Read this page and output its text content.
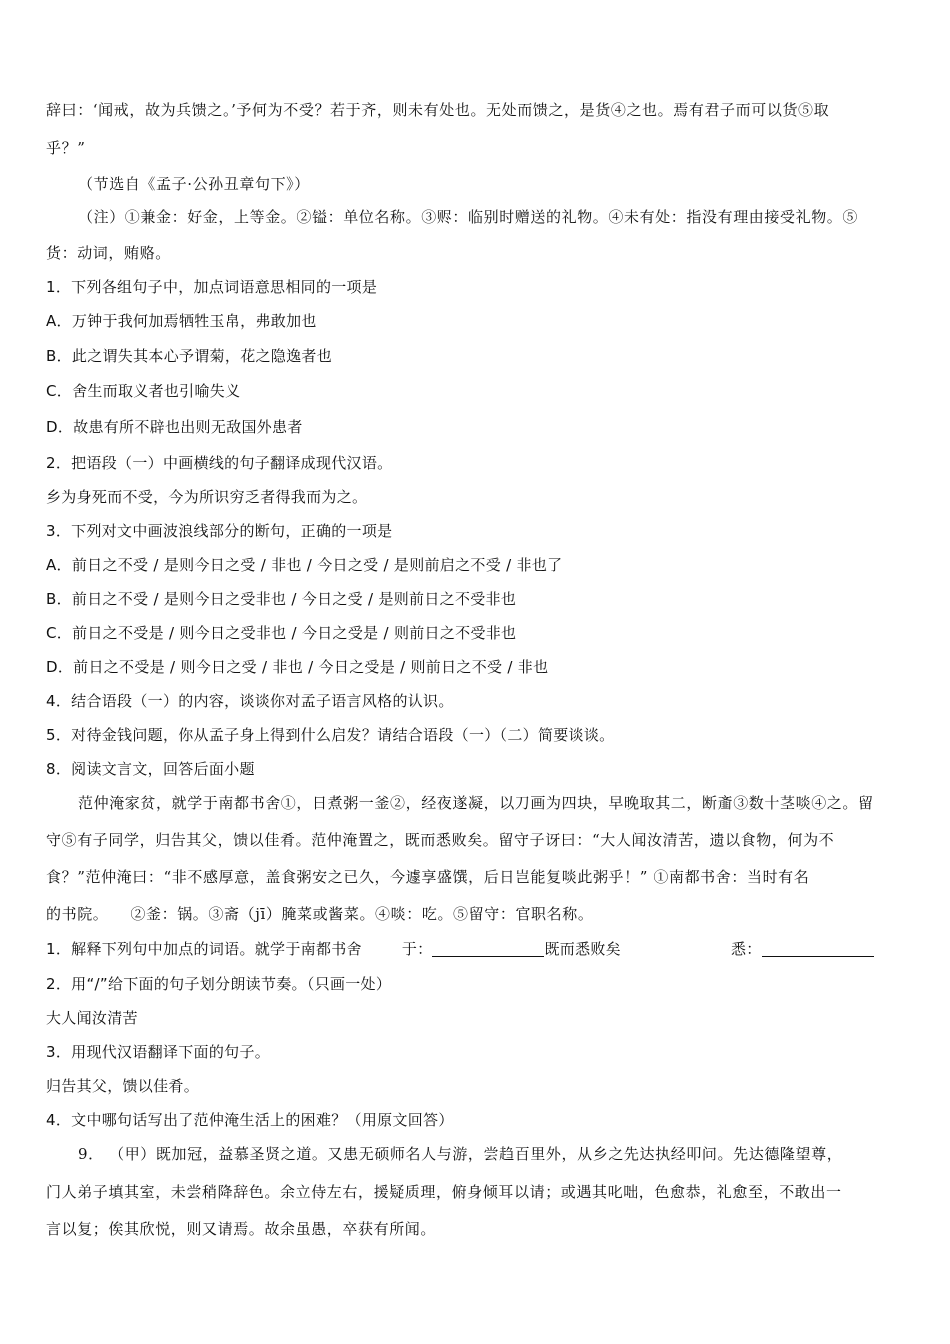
辞曰：‘闻戒，故为兵馈之。’予何为不受？若于齐，则未有处也。无处而馈之，是货④之也。焉有君子而可以货⑤取
乎？”
（节选自《孟子·公孙丑章句下》）
（注）①兼金：好金，上等金。②镒：单位名称。③赆：临别时赠送的礼物。④未有处：指没有理由接受礼物。⑤
货：动词，贿赂。
1．下列各组句子中，加点词语意思相同的一项是
A．万钟于我何加焉牺牲玉帛，弗敢加也
B．此之谓失其本心予谓菊，花之隐逸者也
C．舍生而取义者也引喻失义
D．故患有所不辟也出则无敌国外患者
2．把语段（一）中画横线的句子翻译成现代汉语。
乡为身死而不受，今为所识穷乏者得我而为之。
3．下列对文中画波浪线部分的断句，正确的一项是
A．前日之不受 / 是则今日之受 / 非也 / 今日之受 / 是则前启之不受 / 非也了
B．前日之不受 / 是则今日之受非也 / 今日之受 / 是则前日之不受非也
C．前日之不受是 / 则今日之受非也 / 今日之受是 / 则前日之不受非也
D．前日之不受是 / 则今日之受 / 非也 / 今日之受是 / 则前日之不受 / 非也
4．结合语段（一）的内容，谈谈你对孟子语言风格的认识。
5．对待金钱问题，你从孟子身上得到什么启发？请结合语段（一）（二）简要谈谈。
8．阅读文言文，回答后面小题
范仲淹家贫，就学于南都书舍①，日煮粥一釜②，经夜遂凝，以刀画为四块，早晚取其二，断齑③数十茎啖④之。留
守⑤有子同学，归告其父，馈以佳肴。范仲淹置之，既而悉败矣。留守子讶曰：“大人闻汝清苦，遗以食物，何为不
食？”范仲淹曰：“非不感厚意，盖食粥安之已久，今遽享盛馔，后日岂能复啖此粥乎！” ①南都书舍：当时有名
的书院。 ②釜：锅。③斋（jī）腌菜或酱菜。④啖：吃。⑤留守：官职名称。
1．解释下列句中加点的词语。就学于南都书舍	于：	既而悉败矣	悉：
2．用“/”给下面的句子划分朗读节奏。（只画一处）
大人闻汝清苦
3．用现代汉语翻译下面的句子。
归告其父，馈以佳肴。
4．文中哪句话写出了范仲淹生活上的困难？（用原文回答）
9． （甲）既加冠，益慕圣贤之道。又患无硕师名人与游，尝趋百里外，从乡之先达执经叩问。先达德隆望尊，
门人弟子填其室，未尝稍降辞色。余立侍左右，援疑质理，俯身倾耳以请；或遇其叱咄，色愈恭，礼愈至，不敢出一
言以复；俟其欣悦，则又请焉。故余虽愚，卒获有所闻。
